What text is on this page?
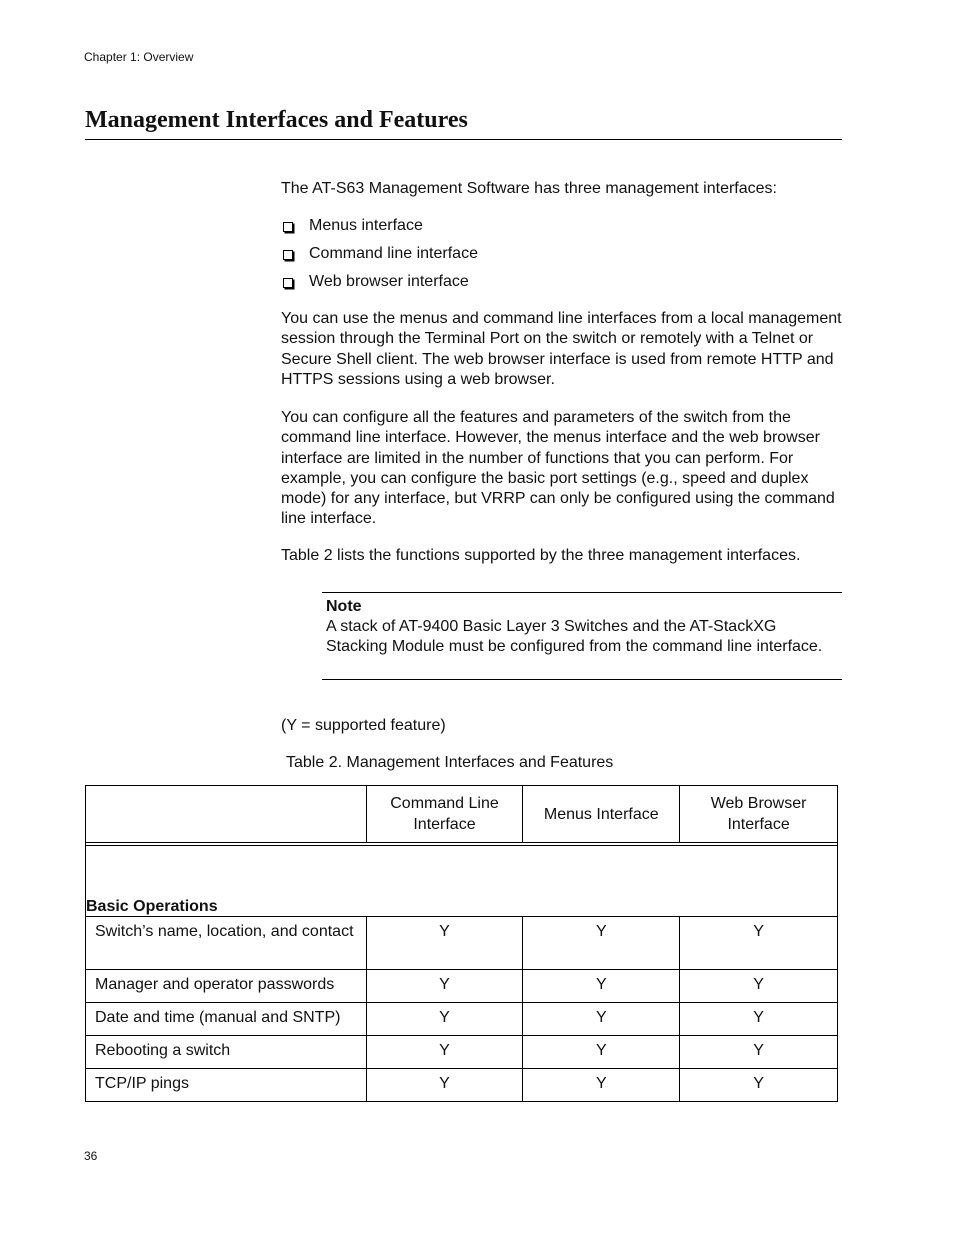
Chapter 1: Overview
Management Interfaces and Features
The AT-S63 Management Software has three management interfaces:
Menus interface
Command line interface
Web browser interface
You can use the menus and command line interfaces from a local management session through the Terminal Port on the switch or remotely with a Telnet or Secure Shell client. The web browser interface is used from remote HTTP and HTTPS sessions using a web browser.
You can configure all the features and parameters of the switch from the command line interface. However, the menus interface and the web browser interface are limited in the number of functions that you can perform. For example, you can configure the basic port settings (e.g., speed and duplex mode) for any interface, but VRRP can only be configured using the command line interface.
Table 2 lists the functions supported by the three management interfaces.
Note
A stack of AT-9400 Basic Layer 3 Switches and the AT-StackXG Stacking Module must be configured from the command line interface.
(Y = supported feature)
Table 2. Management Interfaces and Features
	Command Line Interface	Menus Interface	Web Browser Interface

Basic Operations			
Switch’s name, location, and contact	Y	Y	Y
Manager and operator passwords	Y	Y	Y
Date and time (manual and SNTP)	Y	Y	Y
Rebooting a switch	Y	Y	Y
TCP/IP pings	Y	Y	Y
36
